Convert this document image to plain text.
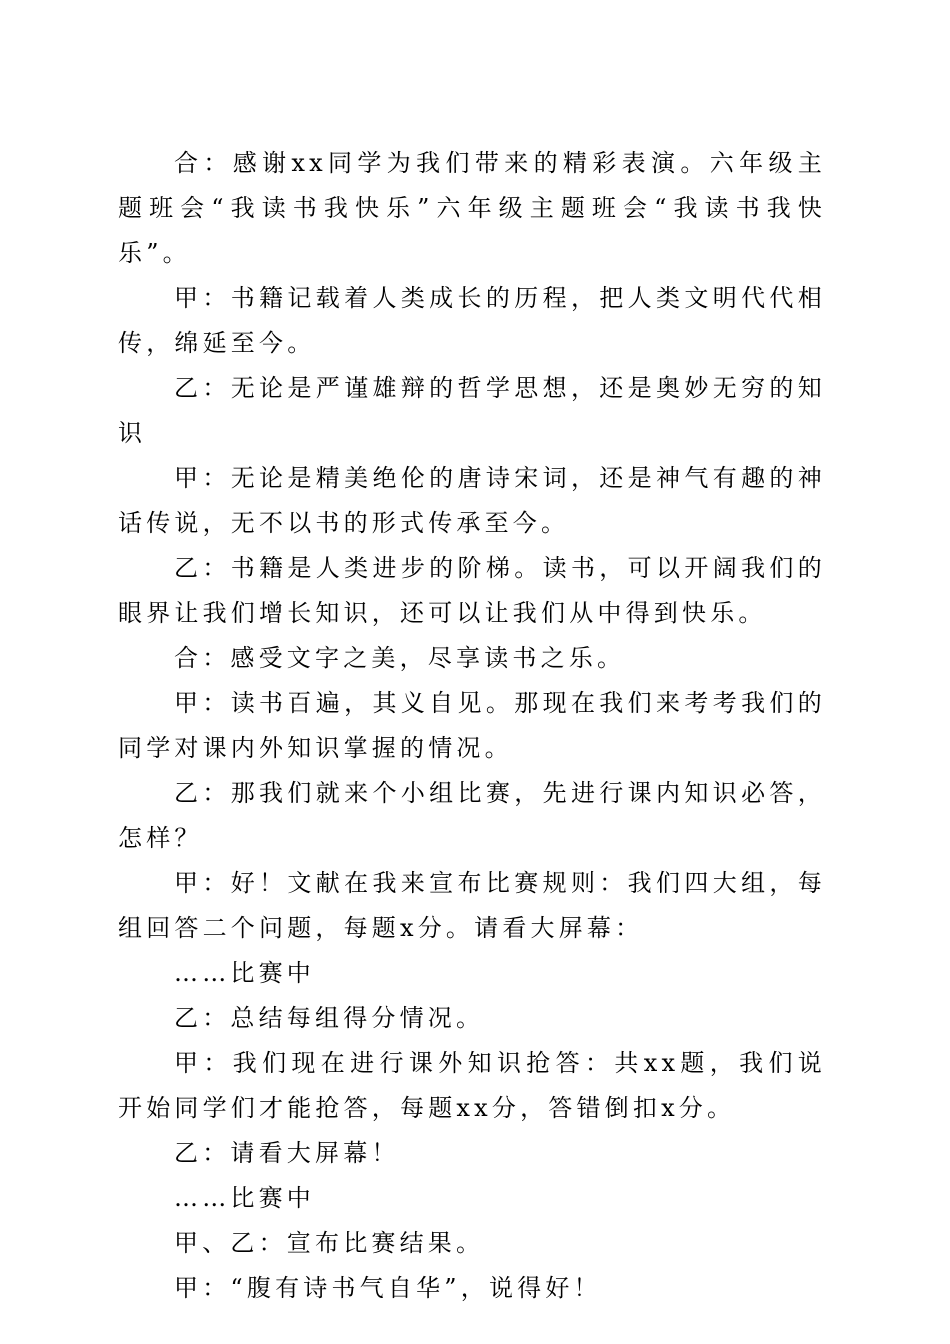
合：感谢xx同学为我们带来的精彩表演。六年级主题班会“我读书我快乐”六年级主题班会“我读书我快乐”。

甲：书籍记载着人类成长的历程，把人类文明代代相传，绵延至今。

乙：无论是严谨雄辩的哲学思想，还是奥妙无穷的知识

甲：无论是精美绝伦的唐诗宋词，还是神气有趣的神话传说，无不以书的形式传承至今。

乙：书籍是人类进步的阶梯。读书，可以开阔我们的眼界让我们增长知识，还可以让我们从中得到快乐。

合：感受文字之美，尽享读书之乐。

甲：读书百遍，其义自见。那现在我们来考考我们的同学对课内外知识掌握的情况。

乙：那我们就来个小组比赛，先进行课内知识必答，怎样？

甲：好！文献在我来宣布比赛规则：我们四大组，每组回答二个问题，每题x分。请看大屏幕：

……比赛中

乙：总结每组得分情况。

甲：我们现在进行课外知识抢答：共xx题，我们说开始同学们才能抢答，每题xx分，答错倒扣x分。

乙：请看大屏幕！

……比赛中

甲、乙：宣布比赛结果。

甲：“腹有诗书气自华”，说得好！
